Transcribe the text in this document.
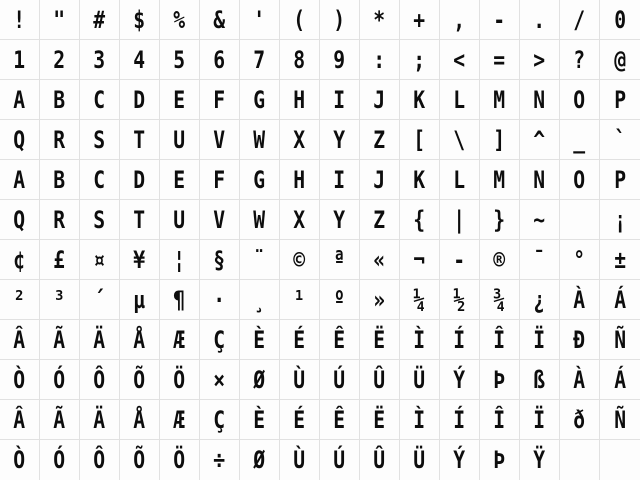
! " # $ % & ' ( ) * + , - . / 0
1 2 3 4 5 6 7 8 9 : ; < = > ? @
A B C D E F G H I J K L M N O P
Q R S T U V W X Y Z [ \ ] ^ _ `
A B C D E F G H I J K L M N O P
Q R S T U V W X Y Z { | } ~	¡
¢ £ ¤ ¥ ¦ § ¨ © ª « ¬ - ® ¯ ° ±
² ³ ´ µ ¶ · ¸ ¹ º » ¼ ½ ¾ ¿ À Á
Â Ã Ä Å Æ Ç È É Ê Ë Ì Í Î Ï Ð Ñ
Ò Ó Ô Õ Ö × Ø Ù Ú Û Ü Ý Þ ß À Á
Â Ã Ä Å Æ Ç È É Ê Ë Ì Í Î Ï ð Ñ
Ò Ó Ô Õ Ö ÷ Ø Ù Ú Û Ü Ý Þ Ÿ
